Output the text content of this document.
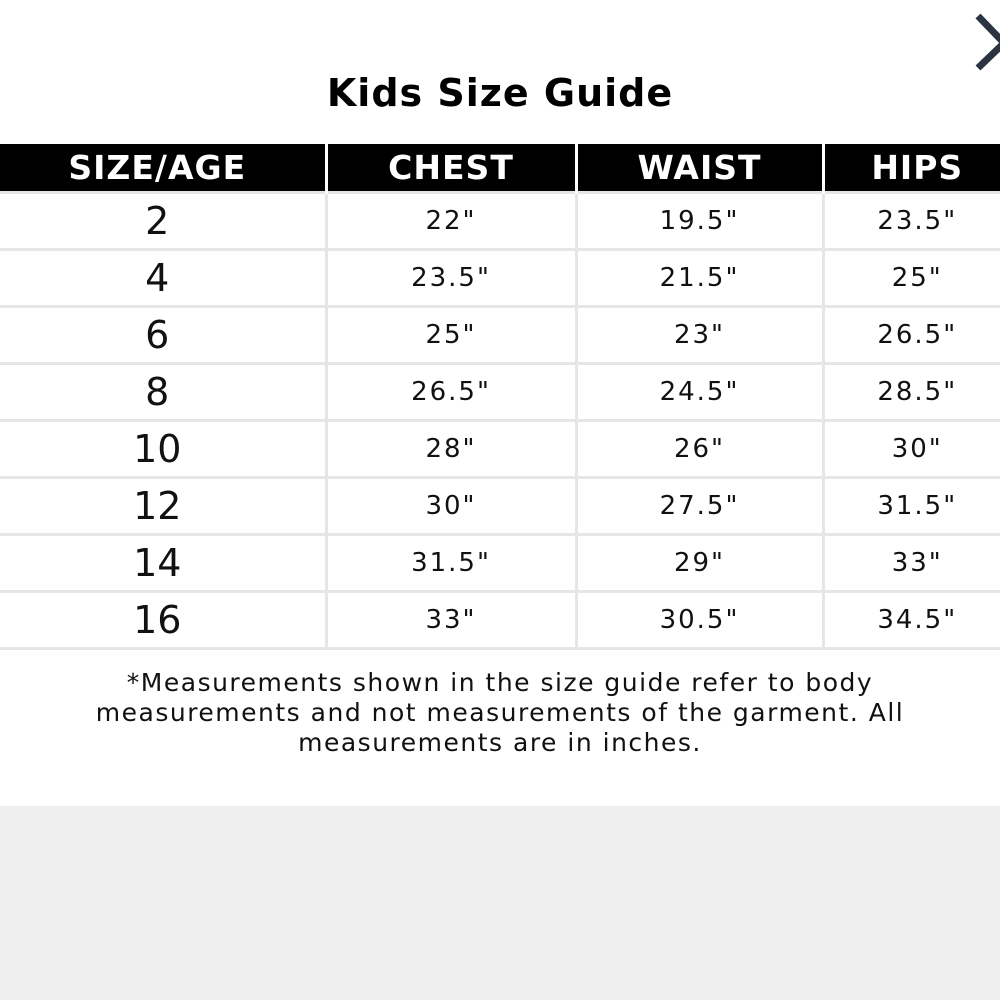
Kids Size Guide
SIZE/AGE	CHEST	WAIST	HIPS
2	22"	19.5"	23.5"
4	23.5"	21.5"	25"
6	25"	23"	26.5"
8	26.5"	24.5"	28.5"
10	28"	26"	30"
12	30"	27.5"	31.5"
14	31.5"	29"	33"
16	33"	30.5"	34.5"
*Measurements shown in the size guide refer to body measurements and not measurements of the garment. All measurements are in inches.
